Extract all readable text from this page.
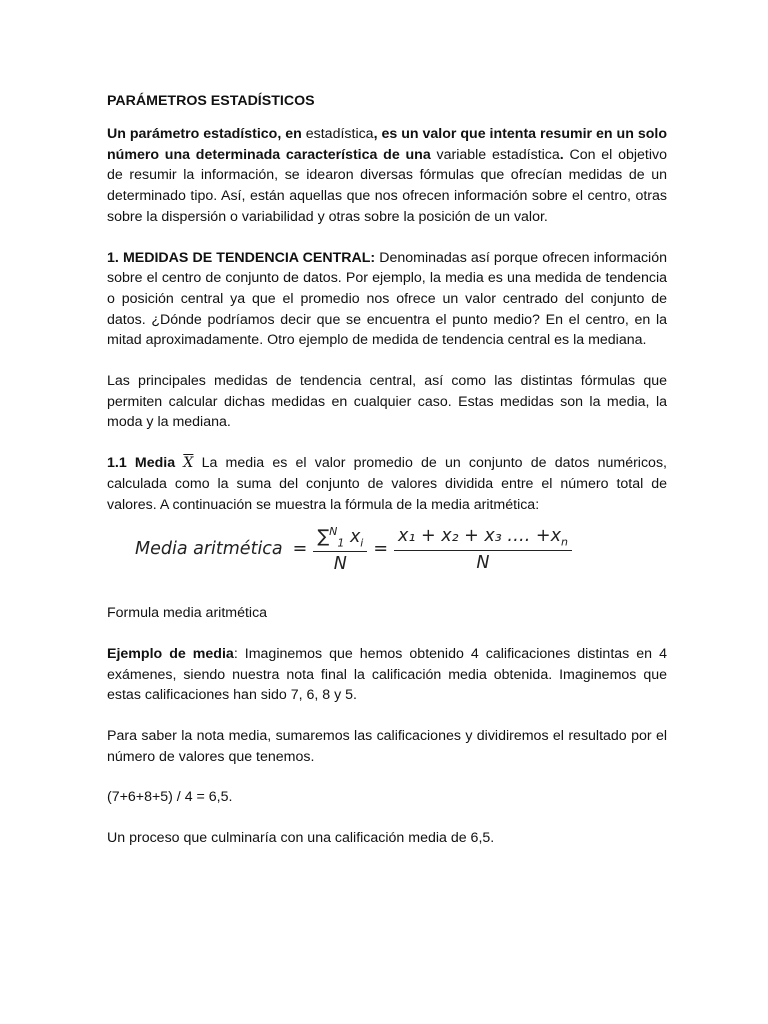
PARÁMETROS ESTADÍSTICOS

Un parámetro estadístico, en estadística, es un valor que intenta resumir en un solo número una determinada característica de una variable estadística. Con el objetivo de resumir la información, se idearon diversas fórmulas que ofrecían medidas de un determinado tipo. Así, están aquellas que nos ofrecen información sobre el centro, otras sobre la dispersión o variabilidad y otras sobre la posición de un valor.

1. MEDIDAS DE TENDENCIA CENTRAL: Denominadas así porque ofrecen información sobre el centro de conjunto de datos. Por ejemplo, la media es una medida de tendencia o posición central ya que el promedio nos ofrece un valor centrado del conjunto de datos. ¿Dónde podríamos decir que se encuentra el punto medio? En el centro, en la mitad aproximadamente. Otro ejemplo de medida de tendencia central es la mediana.

Las principales medidas de tendencia central, así como las distintas fórmulas que permiten calcular dichas medidas en cualquier caso. Estas medidas son la media, la moda y la mediana.

1.1 Media $\overline{X}$ La media es el valor promedio de un conjunto de datos numéricos, calculada como la suma del conjunto de valores dividida entre el número total de valores. A continuación se muestra la fórmula de la media aritmética:

Media aritmética = $\frac{\sum^N_1 x_i}{N} = \frac{x_1 + x_2 + x_3 \dots. +x_n}{N}$

Formula media aritmética

Ejemplo de media: Imaginemos que hemos obtenido 4 calificaciones distintas en 4 exámenes, siendo nuestra nota final la calificación media obtenida. Imaginemos que estas calificaciones han sido 7, 6, 8 y 5.

Para saber la nota media, sumaremos las calificaciones y dividiremos el resultado por el número de valores que tenemos.

(7+6+8+5) / 4 = 6,5.

Un proceso que culminaría con una calificación media de 6,5.
